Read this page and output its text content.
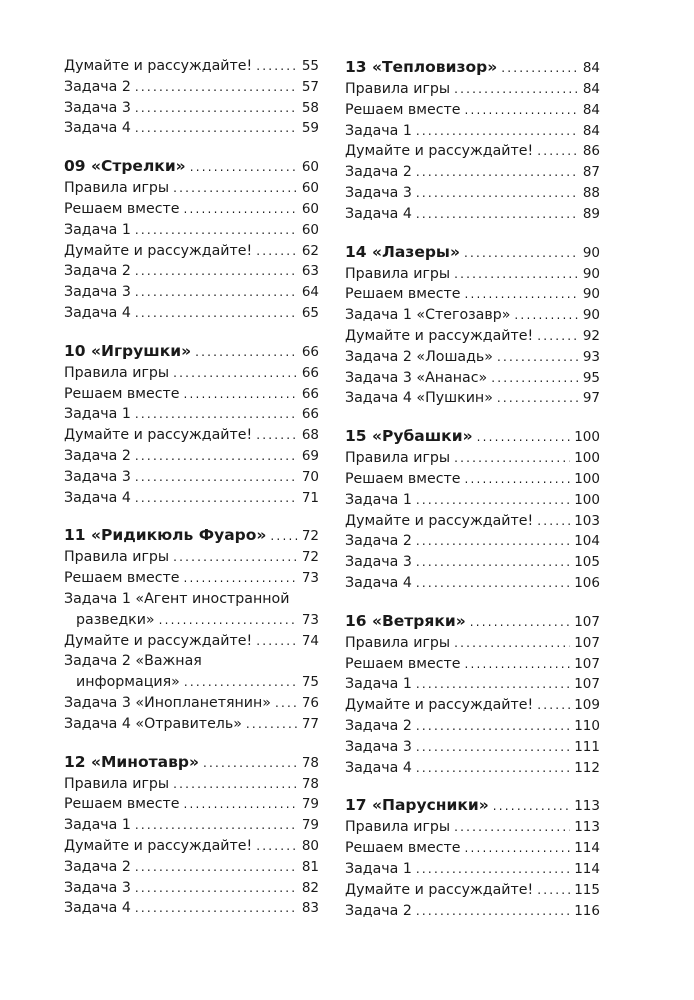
Думайте и рассуждайте! .....	55
Задача 2 .....	57
Задача 3 .....	58
Задача 4 .....	59
09 «Стрелки» .....	60
Правила игры .....	60
Решаем вместе .....	60
Задача 1 .....	60
Думайте и рассуждайте! .....	62
Задача 2 .....	63
Задача 3 .....	64
Задача 4 .....	65
10 «Игрушки» .....	66
Правила игры .....	66
Решаем вместе .....	66
Задача 1 .....	66
Думайте и рассуждайте! .....	68
Задача 2 .....	69
Задача 3 .....	70
Задача 4 .....	71
11 «Ридикюль Фуаро» .....	72
Правила игры .....	72
Решаем вместе .....	73
Задача 1 «Агент иностранной
разведки» .....	73
Думайте и рассуждайте! .....	74
Задача 2 «Важная
информация» .....	75
Задача 3 «Инопланетянин» ..... 76
Задача 4 «Отравитель» .....	77
12 «Минотавр» .....	78
Правила игры .....	78
Решаем вместе .....	79
Задача 1 .....	79
Думайте и рассуждайте! .....	80
Задача 2 .....	81
Задача 3 .....	82
Задача 4 .....	83
13 «Тепловизор» .....	84
Правила игры .....	84
Решаем вместе .....	84
Задача 1 .....	84
Думайте и рассуждайте! .....	86
Задача 2 .....	87
Задача 3 .....	88
Задача 4 .....	89
14 «Лазеры» .....	90
Правила игры .....	90
Решаем вместе .....	90
Задача 1 «Стегозавр» .....	90
Думайте и рассуждайте! .....	92
Задача 2 «Лошадь» .....	93
Задача 3 «Ананас» .....	95
Задача 4 «Пушкин» .....	97
15 «Рубашки» .....	100
Правила игры .....	100
Решаем вместе .....	100
Задача 1 .....	100
Думайте и рассуждайте! .....	103
Задача 2 .....	104
Задача 3 .....	105
Задача 4 .....	106
16 «Ветряки» .....	107
Правила игры .....	107
Решаем вместе .....	107
Задача 1 .....	107
Думайте и рассуждайте! .....	109
Задача 2 .....	110
Задача 3 .....	111
Задача 4 .....	112
17 «Парусники» .....	113
Правила игры .....	113
Решаем вместе .....	114
Задача 1 .....	114
Думайте и рассуждайте! .....	115
Задача 2 .....	116
